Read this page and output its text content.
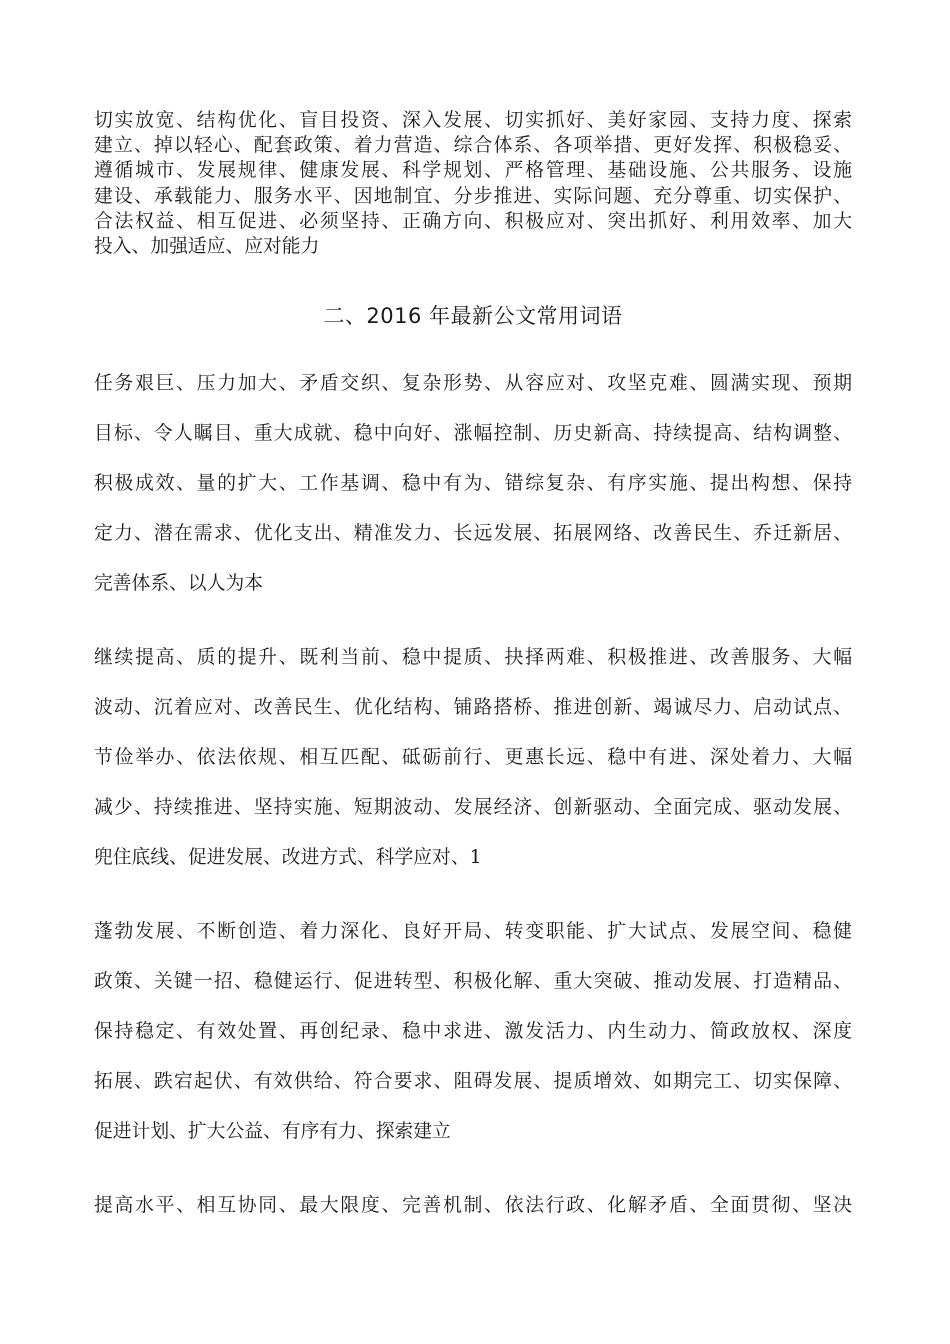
切实放宽、结构优化、盲目投资、深入发展、切实抓好、美好家园、支持力度、探索
建立、掉以轻心、配套政策、着力营造、综合体系、各项举措、更好发挥、积极稳妥、
遵循城市、发展规律、健康发展、科学规划、严格管理、基础设施、公共服务、设施
建设、承载能力、服务水平、因地制宜、分步推进、实际问题、充分尊重、切实保护、
合法权益、相互促进、必须坚持、正确方向、积极应对、突出抓好、利用效率、加大
投入、加强适应、应对能力
二、2016 年最新公文常用词语
任务艰巨、压力加大、矛盾交织、复杂形势、从容应对、攻坚克难、圆满实现、预期
目标、令人瞩目、重大成就、稳中向好、涨幅控制、历史新高、持续提高、结构调整、
积极成效、量的扩大、工作基调、稳中有为、错综复杂、有序实施、提出构想、保持
定力、潜在需求、优化支出、精准发力、长远发展、拓展网络、改善民生、乔迁新居、
完善体系、以人为本
继续提高、质的提升、既利当前、稳中提质、抉择两难、积极推进、改善服务、大幅
波动、沉着应对、改善民生、优化结构、铺路搭桥、推进创新、竭诚尽力、启动试点、
节俭举办、依法依规、相互匹配、砥砺前行、更惠长远、稳中有进、深处着力、大幅
减少、持续推进、坚持实施、短期波动、发展经济、创新驱动、全面完成、驱动发展、
兜住底线、促进发展、改进方式、科学应对、1
蓬勃发展、不断创造、着力深化、良好开局、转变职能、扩大试点、发展空间、稳健
政策、关键一招、稳健运行、促进转型、积极化解、重大突破、推动发展、打造精品、
保持稳定、有效处置、再创纪录、稳中求进、激发活力、内生动力、简政放权、深度
拓展、跌宕起伏、有效供给、符合要求、阻碍发展、提质增效、如期完工、切实保障、
促进计划、扩大公益、有序有力、探索建立
提高水平、相互协同、最大限度、完善机制、依法行政、化解矛盾、全面贯彻、坚决
